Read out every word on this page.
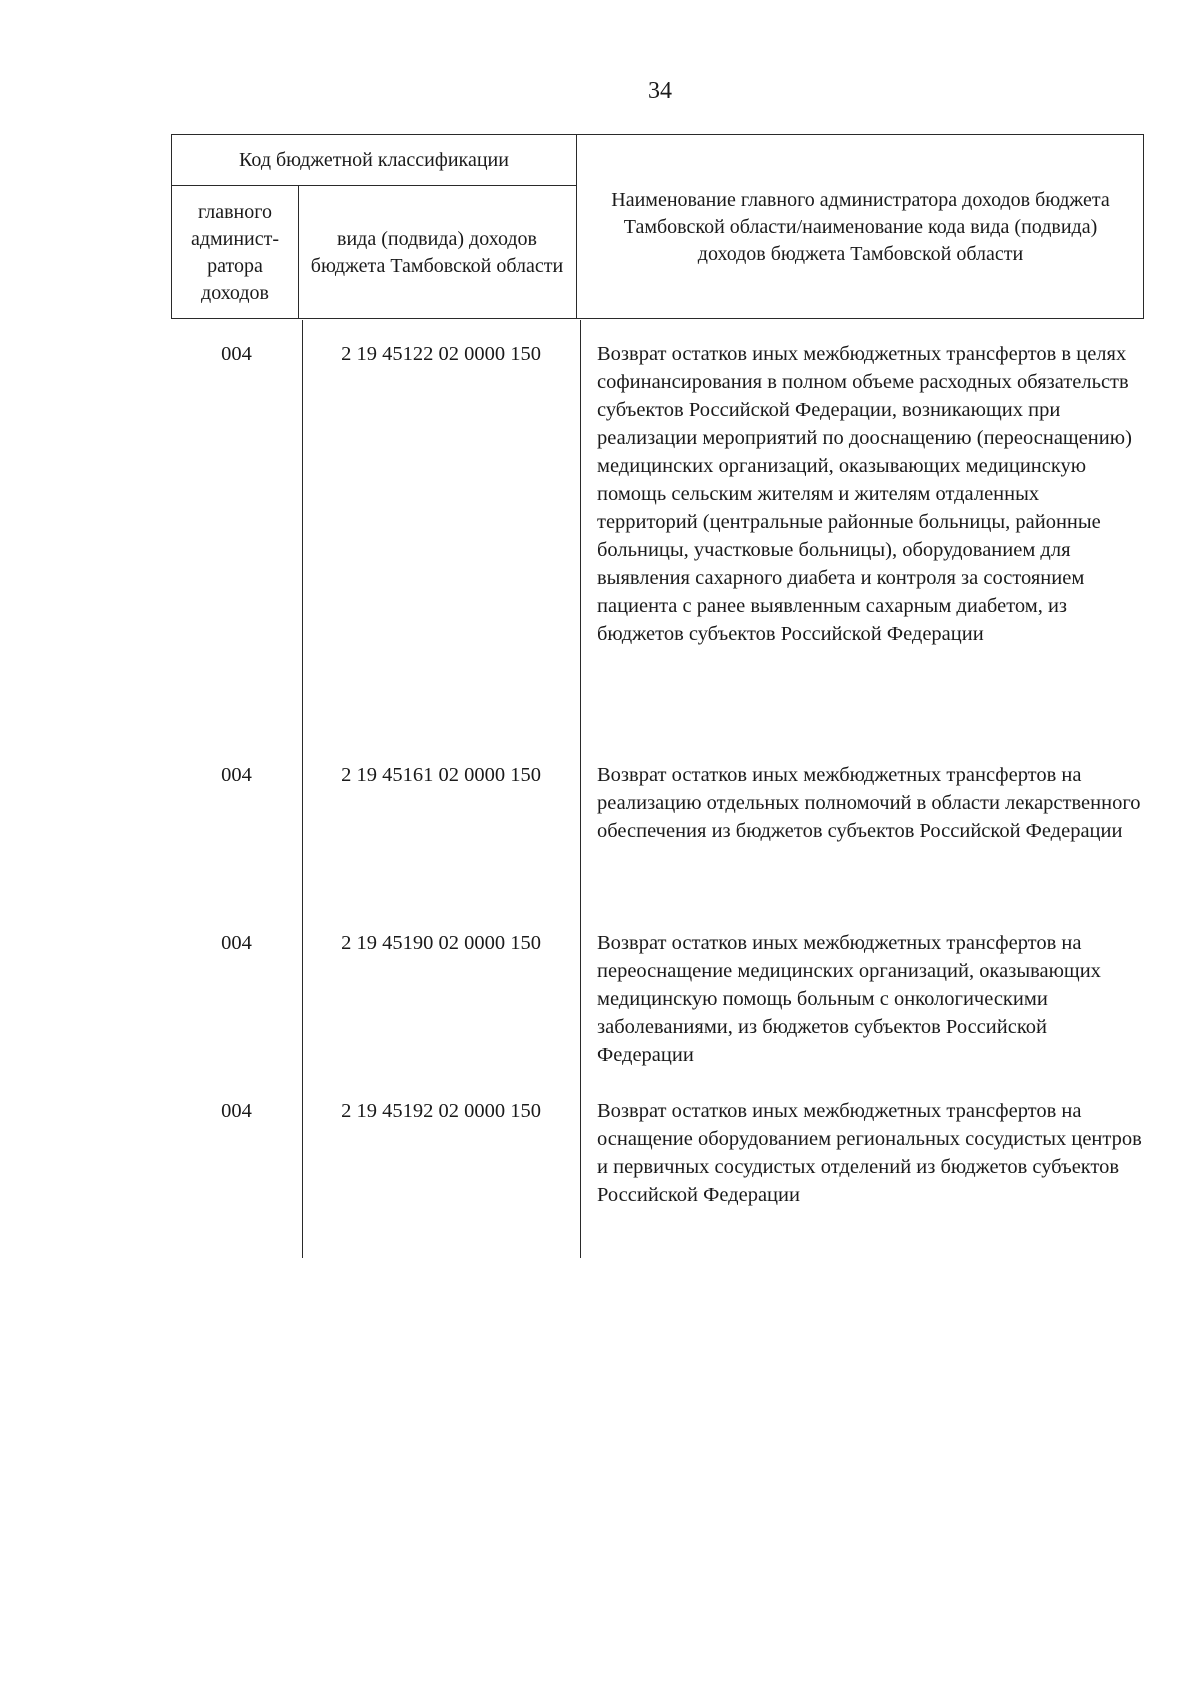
34
Код бюджетной классификации
главного админист-ратора доходов
вида (подвида) доходов бюджета Тамбовской области
Наименование главного администратора доходов бюджета Тамбовской области/наименование кода вида (подвида) доходов бюджета Тамбовской области
004	2 19 45122 02 0000 150	Возврат остатков иных межбюджетных трансфертов в целях софинансирования в полном объеме расходных обязательств субъектов Российской Федерации, возникающих при реализации мероприятий по дооснащению (переоснащению) медицинских организаций, оказывающих медицинскую помощь сельским жителям и жителям отдаленных территорий (центральные районные больницы, районные больницы, участковые больницы), оборудованием для выявления сахарного диабета и контроля за состоянием пациента с ранее выявленным сахарным диабетом, из бюджетов субъектов Российской Федерации
004	2 19 45161 02 0000 150	Возврат остатков иных межбюджетных трансфертов на реализацию отдельных полномочий в области лекарственного обеспечения из бюджетов субъектов Российской Федерации
004	2 19 45190 02 0000 150	Возврат остатков иных межбюджетных трансфертов на переоснащение медицинских организаций, оказывающих медицинскую помощь больным с онкологическими заболеваниями, из бюджетов субъектов Российской Федерации
004	2 19 45192 02 0000 150	Возврат остатков иных межбюджетных трансфертов на оснащение оборудованием региональных сосудистых центров и первичных сосудистых отделений из бюджетов субъектов Российской Федерации
